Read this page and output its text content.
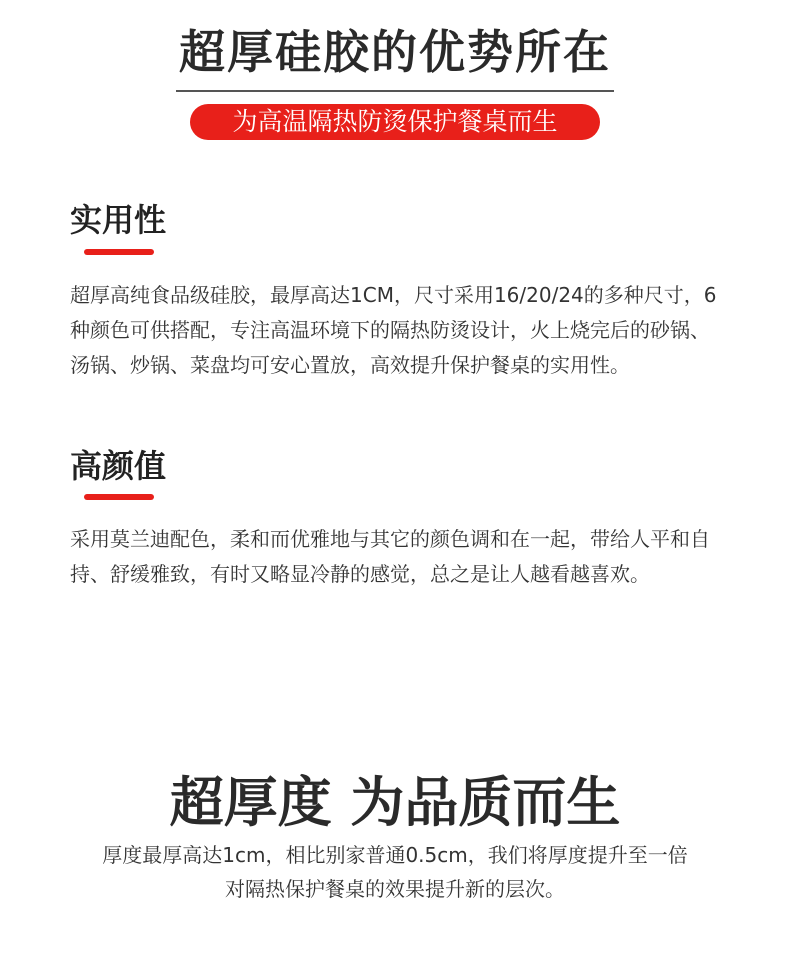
超厚硅胶的优势所在
为高温隔热防烫保护餐桌而生
实用性
超厚高纯食品级硅胶，最厚高达1CM，尺寸采用16/20/24的多种尺寸，6种颜色可供搭配，专注高温环境下的隔热防烫设计，火上烧完后的砂锅、汤锅、炒锅、菜盘均可安心置放，高效提升保护餐桌的实用性。
高颜值
采用莫兰迪配色，柔和而优雅地与其它的颜色调和在一起，带给人平和自持、舒缓雅致，有时又略显冷静的感觉，总之是让人越看越喜欢。
超厚度 为品质而生
厚度最厚高达1cm，相比别家普通0.5cm，我们将厚度提升至一倍
对隔热保护餐桌的效果提升新的层次。
